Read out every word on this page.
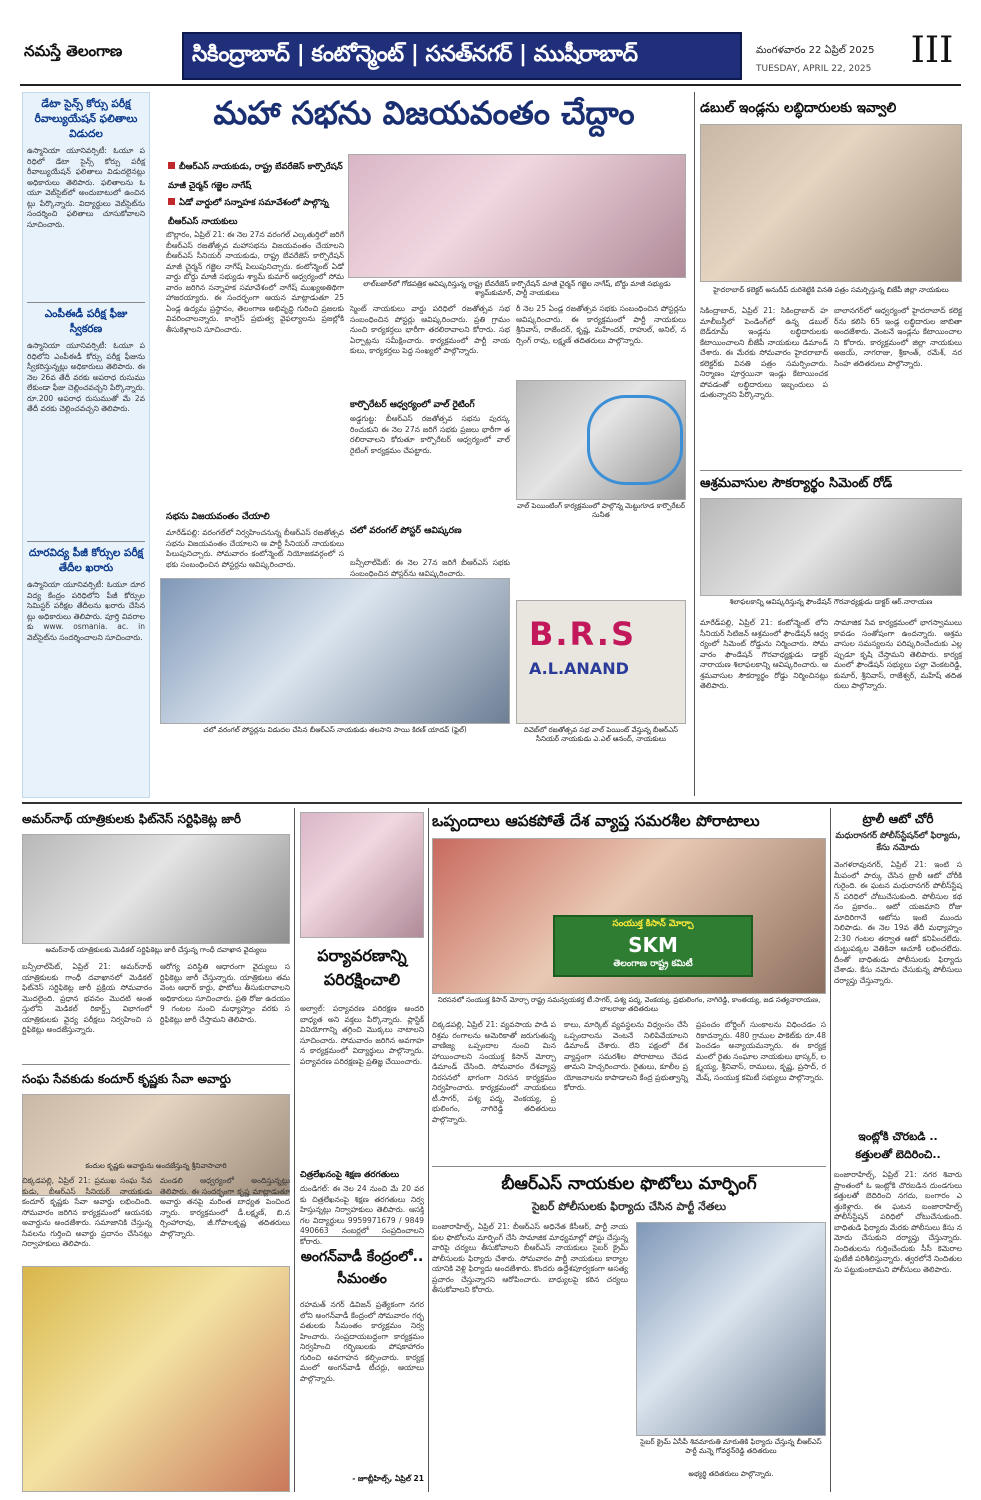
నమస్తే తెలంగాణ	సికింద్రాబాద్ | కంటోన్మెంట్ | సనత్‌నగర్ | ముషీరాబాద్	మంగళవారం 22 ఏప్రిల్ 2025
TUESDAY, APRIL 22, 2025	III
డేటా సైన్స్ కోర్సు పరీక్ష రీవాల్యుయేషన్ ఫలితాలు విడుదల
ఉస్మానియా యూనివర్సిటీ: ఓయూ పరిధిలో డేటా సైన్స్ కోర్సు పరీక్ష రీవాల్యుయేషన్ ఫలితాలు విడుదలైనట్లు అధికారులు తెలిపారు. ఫలితాలను ఓయూ వెబ్‌సైట్‌లో అందుబాటులో ఉంచినట్లు పేర్కొన్నారు. విద్యార్థులు వెబ్‌సైట్‌ను సందర్శించి ఫలితాలు చూసుకోవాలని సూచించారు.
ఎంపీఈడీ పరీక్ష ఫీజు స్వీకరణ
ఉస్మానియా యూనివర్సిటీ: ఓయూ పరిధిలోని ఎంపీఈడీ కోర్సు పరీక్ష ఫీజును స్వీకరిస్తున్నట్లు అధికారులు తెలిపారు. ఈ నెల 26వ తేదీ వరకు అపరాధ రుసుము లేకుండా ఫీజు చెల్లించవచ్చని పేర్కొన్నారు. రూ.200 అపరాధ రుసుముతో మే 2వ తేదీ వరకు చెల్లించవచ్చని తెలిపారు.
దూరవిద్య పీజీ కోర్సుల పరీక్ష తేదీల ఖరారు
ఉస్మానియా యూనివర్సిటీ: ఓయూ దూరవిద్య కేంద్రం పరిధిలోని పీజీ కోర్సుల సెమిస్టర్ పరీక్షల తేదీలను ఖరారు చేసినట్లు అధికారులు తెలిపారు. పూర్తి వివరాలకు www. osmania. ac. in వెబ్‌సైట్‌ను సందర్శించాలని సూచించారు.
మహా సభను విజయవంతం చేద్దాం
బీఆర్‌ఎస్ నాయకుడు, రాష్ట్ర బేవరేజెస్ కార్పొరేషన్ మాజీ చైర్మన్ గజ్జెల నాగేష్
ఏడో వార్డులో సన్నాహక సమావేశంలో పాల్గొన్న బీఆర్‌ఎస్ నాయకులు
లాల్‌బజార్‌లో గోడపత్రిక ఆవిష్కరిస్తున్న రాష్ట్ర బేవరేజెస్ కార్పొరేషన్ మాజీ చైర్మన్ గజ్జెల నాగేష్, బోర్డు మాజీ సభ్యుడు శ్యామ్‌కుమార్, పార్టీ నాయకులు
బొల్లారం, ఏప్రిల్ 21: ఈ నెల 27న వరంగల్ ఎల్కతుర్తిలో జరిగే బీఆర్‌ఎస్ రజతోత్సవ మహాసభను విజయవంతం చేయాలని బీఆర్‌ఎస్ సీనియర్ నాయకుడు, రాష్ట్ర బేవరేజెస్ కార్పొరేషన్ మాజీ చైర్మన్ గజ్జెల నాగేష్ పిలుపునిచ్చారు. కంటోన్మెంట్ ఏడో వార్డు బోర్డు మాజీ సభ్యుడు శ్యామ్ కుమార్ ఆధ్వర్యంలో సోమవారం జరిగిన సన్నాహక సమావేశంలో నాగేష్ ముఖ్యఅతిథిగా హాజరయ్యారు. ఈ సందర్భంగా ఆయన మాట్లాడుతూ 25 ఏండ్ల ఉద్యమ ప్రస్థానం, తెలంగాణ అభివృద్ధి గురించి ప్రజలకు వివరించాలన్నారు. కాంగ్రెస్ ప్రభుత్వ వైఫల్యాలను ప్రజల్లోకి తీసుకెళ్లాలని సూచించారు.
సభను విజయవంతం చేయాలి
మారేడ్‌పల్లి: వరంగల్‌లో నిర్వహించనున్న బీఆర్‌ఎస్ రజతోత్సవ సభను విజయవంతం చేయాలని ఆ పార్టీ సీనియర్ నాయకులు పిలుపునిచ్చారు. సోమవారం కంటోన్మెంట్ నియోజకవర్గంలో సభకు సంబంధించిన పోస్టర్లను ఆవిష్కరించారు.
స్మెంట్ నాయకులు వార్డు పరిధిలో రజతోత్సవ సభ సంబంధించిన పోస్టర్లు ఆవిష్కరించారు. ప్రతి గ్రామం నుంచి కార్యకర్తలు భారీగా తరలిరావాలని కోరారు. సభ ఏర్పాట్లను సమీక్షించారు. కార్యక్రమంలో పార్టీ నాయకులు, కార్యకర్తలు పెద్ద సంఖ్యలో పాల్గొన్నారు.
కార్పొరేటర్ ఆధ్వర్యంలో వాల్ రైటింగ్
అడ్డగుట్ట: బీఆర్‌ఎస్ రజతోత్సవ సభను పురస్కరించుకుని ఈ నెల 27న జరిగే సభకు ప్రజలు భారీగా తరలిరావాలని కోరుతూ కార్పొరేటర్ ఆధ్వర్యంలో వాల్ రైటింగ్ కార్యక్రమం చేపట్టారు.
చలో వరంగల్ పోస్టర్ ఆవిష్కరణ
బన్సీలాల్‌పేట్: ఈ నెల 27న జరిగే బీఆర్‌ఎస్ సభకు సంబంధించిన పోస్టర్‌ను ఆవిష్కరించారు.
రీ నెల 25 ఏండ్ల రజతోత్సవ సభకు సంబంధించిన పోస్టర్లను ఆవిష్కరించారు. ఈ కార్యక్రమంలో పార్టీ నాయకులు శ్రీనివాస్, రాజేందర్, కృష్ణ, మహేందర్, రాహుల్, అనిల్, నర్సింగ్ రావు, లక్ష్మణ్ తదితరులు పాల్గొన్నారు.
వాల్ పెయింటింగ్ కార్యక్రమంలో పాల్గొన్న మెట్టుగూడ కార్పొరేటర్ సునీత
చలో వరంగల్ పోస్టర్లను విడుదల చేసిన బీఆర్‌ఎస్ నాయకుడు తలసాని సాయి కిరణ్ యాదవ్ (ఫైల్)
B.R.S
A.L.ANAND
దివెబ్‌లో రజతోత్సవ సభ వాల్ పెయింట్ వేస్తున్న బీఆర్‌ఎస్ సీనియర్ నాయకుడు ఎ.ఎల్ ఆనంద్, నాయకులు
డబుల్ ఇండ్లను లబ్ధిదారులకు ఇవ్వాలి
హైదరాబాద్ కలెక్టర్ అనుదీప్ దురిశెట్టికి వినతి పత్రం సమర్పిస్తున్న బిజేపీ జిల్లా నాయకులు
సికింద్రాబాద్, ఏప్రిల్ 21: సికింద్రాబాద్ హమాలీబస్తీలో పెండింగ్‌లో ఉన్న డబుల్ బెడ్‌రూమ్ ఇండ్లను లబ్ధిదారులకు కేటాయించాలని బీజేపీ నాయకులు డిమాండ్ చేశారు. ఈ మేరకు సోమవారం హైదరాబాద్ కలెక్టర్‌కు వినతి పత్రం సమర్పించారు. నిర్మాణం పూర్తయినా ఇండ్లు కేటాయించకపోవడంతో లబ్ధిదారులు ఇబ్బందులు పడుతున్నారని పేర్కొన్నారు.
బాలానగర్‌లో ఆధ్వర్యంలో హైదరాబాద్ కలెక్టర్‌ను కలిసి 65 ఇండ్ల లబ్ధిదారుల జాబితా అందజేశారు. వెంటనే ఇండ్లను కేటాయించాలని కోరారు. కార్యక్రమంలో జిల్లా నాయకులు అజయ్, నాగరాజు, శ్రీకాంత్, రమేశ్, నరసింహ తదితరులు పాల్గొన్నారు.
ఆశ్రమవాసుల సౌకర్యార్థం సిమెంట్ రోడ్
శిలాఫలకాన్ని ఆవిష్కరిస్తున్న ఫౌండేషన్ గౌరవాధ్యక్షుడు డాక్టర్ ఆర్.నారాయణ
మారేడ్‌పల్లి, ఏప్రిల్ 21: కంటోన్మెంట్ లోని సీనియర్ సిటిజన్ ఆశ్రమంలో ఫౌండేషన్ ఆధ్వర్యంలో సిమెంట్ రోడ్డును నిర్మించారు. సోమవారం ఫౌండేషన్ గౌరవాధ్యక్షుడు డాక్టర్ నారాయణ శిలాఫలకాన్ని ఆవిష్కరించారు. ఆశ్రమవాసుల సౌకర్యార్థం రోడ్డు నిర్మించినట్లు తెలిపారు.
సామాజిక సేవ కార్యక్రమంలో భాగస్వాములు కావడం సంతోషంగా ఉందన్నారు. ఆశ్రమవాసుల సమస్యలను పరిష్కరించేందుకు ఎల్లప్పుడూ కృషి చేస్తామని తెలిపారు. కార్యక్రమంలో ఫౌండేషన్ సభ్యులు పల్లా వెంకటరెడ్డి, కుమార్, శ్రీనివాస్, రాజేశ్వర్, మహేష్ తదితరులు పాల్గొన్నారు.
అమర్‌నాథ్ యాత్రికులకు ఫిట్‌నెస్ సర్టిఫికెట్ల జారీ
అమర్‌నాథ్ యాత్రికులకు మెడికల్ సర్టిఫికెట్లు జారీ చేస్తున్న గాంధీ దవాఖాన వైద్యులు
బన్సీలాల్‌పేట్, ఏప్రిల్ 21: అమర్‌నాథ్ యాత్రికులకు గాంధీ దవాఖానలో మెడికల్ ఫిట్‌నెస్ సర్టిఫికెట్ల జారీ ప్రక్రియ సోమవారం మొదలైంది. ప్రధాన భవనం మొదటి అంతస్తులోని మెడికల్ రికార్డ్స్ విభాగంలో యాత్రికులకు వైద్య పరీక్షలు నిర్వహించి సర్టిఫికెట్లు అందజేస్తున్నారు.
ఆరోగ్య పరిస్థితి ఆధారంగా వైద్యులు సర్టిఫికెట్లు జారీ చేస్తున్నారు. యాత్రికులు తమ వెంట ఆధార్ కార్డు, ఫొటోలు తీసుకురావాలని అధికారులు సూచించారు. ప్రతి రోజు ఉదయం 9 గంటల నుంచి మధ్యాహ్నం వరకు సర్టిఫికెట్లు జారీ చేస్తామని తెలిపారు.
సంఘ సేవకుడు కందూర్ కృష్ణకు సేవా అవార్డు
కందుల కృష్ణకు అవార్డును అందజేస్తున్న శ్రీనివాసాచారి
చిక్కడపల్లి, ఏప్రిల్ 21: ప్రముఖ సంఘ సేవకుడు, బీఆర్‌ఎస్ సీనియర్ నాయకుడు కందూర్ కృష్ణకు సేవా అవార్డు లభించింది. సోమవారం జరిగిన కార్యక్రమంలో ఆయనకు అవార్డును అందజేశారు. సమాజానికి చేస్తున్న సేవలను గుర్తించి అవార్డు ప్రదానం చేసినట్లు నిర్వాహకులు తెలిపారు.
మండలి ఆధ్వర్యంలో అందిస్తున్నట్లు తెలిపారు. ఈ సందర్భంగా కృష్ణ మాట్లాడుతూ అవార్డు తనపై మరింత బాధ్యత పెంచిందన్నారు. కార్యక్రమంలో డీ.లక్ష్మణ్, బి.నర్సింహారావు, జీ.గోపాలకృష్ణ తదితరులు పాల్గొన్నారు.
పర్యావరణాన్ని పరిరక్షించాలి
అల్వాల్: పర్యావరణ పరిరక్షణ అందరి బాధ్యత అని వక్తలు పేర్కొన్నారు. ప్లాస్టిక్ వినియోగాన్ని తగ్గించి మొక్కలు నాటాలని సూచించారు. సోమవారం జరిగిన అవగాహన కార్యక్రమంలో విద్యార్థులు పాల్గొన్నారు. పర్యావరణ పరిరక్షణపై ప్రతిజ్ఞ చేయించారు.
చిత్రలేఖనంపై శిక్షణ తరగతులు
దుండిగల్: ఈ నెల 24 నుంచి మే 20 వరకు చిత్రలేఖనంపై శిక్షణ తరగతులు నిర్వహిస్తున్నట్లు నిర్వాహకులు తెలిపారు. ఆసక్తి గల విద్యార్థులు 9959971679 / 9849490663 నంబర్లలో సంప్రదించాలని కోరారు.
అంగన్‌వాడీ కేంద్రంలో.. సీమంతం
రహమత్ నగర్ డివిజన్ ప్రత్యేకంగా నగర లోని అంగన్‌వాడీ కేంద్రంలో సోమవారం గర్భవతులకు సీమంతం కార్యక్రమం నిర్వహించారు. సంప్రదాయబద్ధంగా కార్యక్రమం నిర్వహించి గర్భిణులకు పోషకాహారం గురించి అవగాహన కల్పించారు. కార్యక్రమంలో అంగన్‌వాడీ టీచర్లు, ఆయాలు పాల్గొన్నారు.
- జూబ్లీహిల్స్, ఏప్రిల్ 21
ఒప్పందాలు ఆపకపోతే దేశ వ్యాప్త సమరశీల పోరాటాలు
సంయుక్త కిసాన్ మోర్చా
SKM
తెలంగాణ రాష్ట్ర కమిటీ
నిరసనలో సంయుక్త కిసాన్ మోర్చా రాష్ట్ర సమన్వయకర్త టీ.సాగర్, పశ్య పద్మ, వెంకయ్య, ప్రభులింగం, నాగిరెడ్డి, కాంతయ్య, జడ సత్యనారాయణ, బాలరాజు తదితరులు
చిక్కడపల్లి, ఏప్రిల్ 21: వ్యవసాయ పాడి పరిశ్రమ రంగాలను అమెరికాతో జరుగుతున్న వాణిజ్య ఒప్పందాల నుంచి మినహాయించాలని సంయుక్త కిసాన్ మోర్చా డిమాండ్ చేసింది. సోమవారం దేశవ్యాప్త నిరసనలో భాగంగా నిరసన కార్యక్రమం నిర్వహించారు. కార్యక్రమంలో నాయకులు టీ.సాగర్, పశ్య పద్మ, వెంకయ్య, ప్రభులింగం, నాగిరెడ్డి తదితరులు పాల్గొన్నారు.
కాలు, మార్కెట్ వ్యవస్థలను విధ్వంసం చేసే ఒప్పందాలను వెంటనే నిలిపివేయాలని డిమాండ్ చేశారు. లేని పక్షంలో దేశవ్యాప్తంగా సమరశీల పోరాటాలు చేపడతామని హెచ్చరించారు. రైతులు, కూలీల ప్రయోజనాలను కాపాడాలని కేంద్ర ప్రభుత్వాన్ని కోరారు.
ప్రపంచం బోర్డింగ్ సుంకాలను విధించడం సరికాదన్నారు. 480 గ్రాముల పాకెట్‌కు రూ.48 పెంచడం అన్యాయమన్నారు. ఈ కార్యక్రమంలో రైతు సంఘాల నాయకులు భాస్కర్, లక్ష్మయ్య, శ్రీనివాస్, రాములు, కృష్ణ, ప్రసాద్, రమేష్, సంయుక్త కమిటీ సభ్యులు పాల్గొన్నారు.
బీఆర్‌ఎస్ నాయకుల ఫొటోలు మార్ఫింగ్
సైబర్ పోలీసులకు ఫిర్యాదు చేసిన పార్టీ నేతలు
బంజారాహిల్స్, ఏప్రిల్ 21: బీఆర్‌ఎస్ అధినేత కేసీఆర్, పార్టీ నాయకుల ఫొటోలను మార్ఫింగ్ చేసి సామాజిక మాధ్యమాల్లో పోస్టు చేస్తున్న వారిపై చర్యలు తీసుకోవాలని బీఆర్‌ఎస్ నాయకులు సైబర్ క్రైమ్ పోలీసులకు ఫిర్యాదు చేశారు. సోమవారం పార్టీ నాయకులు కార్యాలయానికి వెళ్లి ఫిర్యాదు అందజేశారు. కొందరు ఉద్దేశపూర్వకంగా అసత్య ప్రచారం చేస్తున్నారని ఆరోపించారు. బాధ్యులపై కఠిన చర్యలు తీసుకోవాలని కోరారు.
సైబర్ క్రైమ్ ఏసీపీ శివమారుతి మారుతికి ఫిర్యాదు చేస్తున్న బీఆర్‌ఎస్ పార్టీ మన్నె గోవర్ధన్‌రెడ్డి తదితరులు
అభ్యర్థి తదితరులు పాల్గొన్నారు.
ట్రాలీ ఆటో చోరీ
మధురానగర్ పోలీస్‌స్టేషన్‌లో ఫిర్యాదు, కేసు నమోదు
వెంగళరావునగర్, ఏప్రిల్ 21: ఇంటి సమీపంలో పార్కు చేసిన ట్రాలీ ఆటో చోరీకి గురైంది. ఈ ఘటన మధురానగర్ పోలీస్‌స్టేషన్ పరిధిలో చోటుచేసుకుంది. పోలీసుల కథనం ప్రకారం.. ఆటో యజమాని రోజు మాదిరిగానే ఆటోను ఇంటి ముందు నిలిపాడు. ఈ నెల 19వ తేదీ మధ్యాహ్నం 2:30 గంటల తర్వాత ఆటో కనిపించలేదు. చుట్టుపక్కల వెతికినా ఆచూకీ లభించలేదు. దీంతో బాధితుడు పోలీసులకు ఫిర్యాదు చేశాడు. కేసు నమోదు చేసుకున్న పోలీసులు దర్యాప్తు చేస్తున్నారు.
ఇంట్లోకి చొరబడి ..
కత్తులతో బెదిరించి..
బంజారాహిల్స్, ఏప్రిల్ 21: నగర శివారు ప్రాంతంలో ఓ ఇంట్లోకి చొరబడిన దుండగులు కత్తులతో బెదిరించి నగదు, బంగారం ఎత్తుకెళ్లారు. ఈ ఘటన బంజారాహిల్స్ పోలీస్‌స్టేషన్ పరిధిలో చోటుచేసుకుంది. బాధితుడి ఫిర్యాదు మేరకు పోలీసులు కేసు నమోదు చేసుకుని దర్యాప్తు చేస్తున్నారు. నిందితులను గుర్తించేందుకు సీసీ కెమెరాల ఫుటేజీ పరిశీలిస్తున్నారు. త్వరలోనే నిందితులను పట్టుకుంటామని పోలీసులు తెలిపారు.
